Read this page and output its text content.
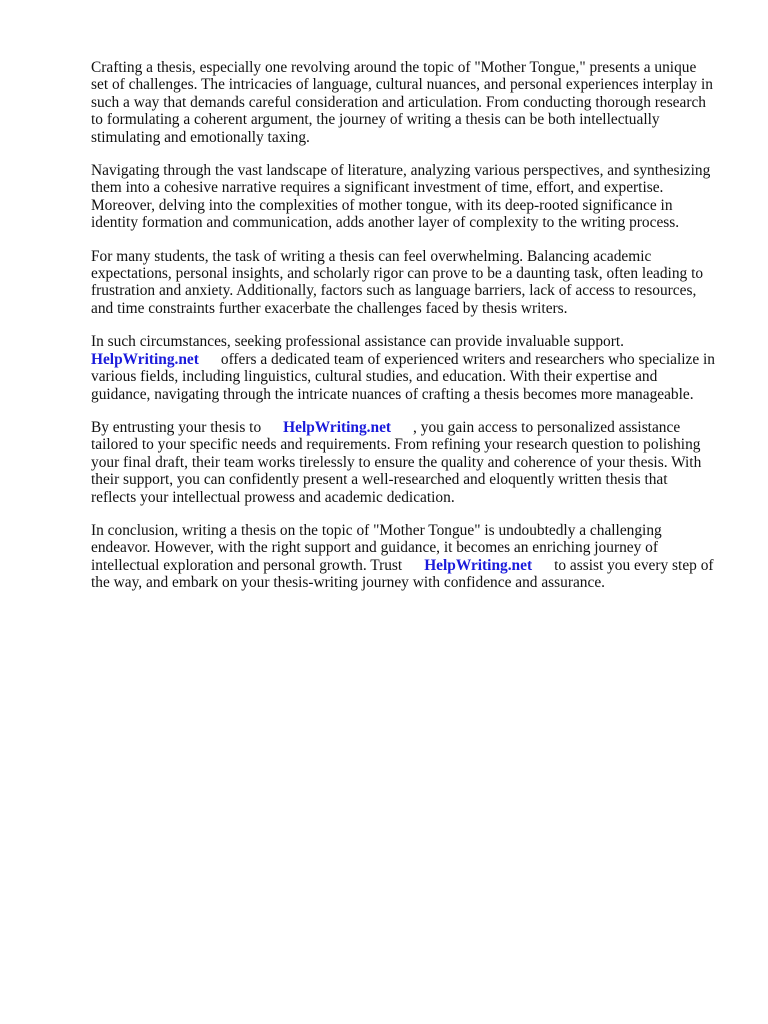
Crafting a thesis, especially one revolving around the topic of "Mother Tongue," presents a unique set of challenges. The intricacies of language, cultural nuances, and personal experiences interplay in such a way that demands careful consideration and articulation. From conducting thorough research to formulating a coherent argument, the journey of writing a thesis can be both intellectually stimulating and emotionally taxing.

Navigating through the vast landscape of literature, analyzing various perspectives, and synthesizing them into a cohesive narrative requires a significant investment of time, effort, and expertise. Moreover, delving into the complexities of mother tongue, with its deep-rooted significance in identity formation and communication, adds another layer of complexity to the writing process.

For many students, the task of writing a thesis can feel overwhelming. Balancing academic expectations, personal insights, and scholarly rigor can prove to be a daunting task, often leading to frustration and anxiety. Additionally, factors such as language barriers, lack of access to resources, and time constraints further exacerbate the challenges faced by thesis writers.

In such circumstances, seeking professional assistance can provide invaluable support.
HelpWriting.net offers a dedicated team of experienced writers and researchers who specialize in various fields, including linguistics, cultural studies, and education. With their expertise and guidance, navigating through the intricate nuances of crafting a thesis becomes more manageable.

By entrusting your thesis to HelpWriting.net , you gain access to personalized assistance tailored to your specific needs and requirements. From refining your research question to polishing your final draft, their team works tirelessly to ensure the quality and coherence of your thesis. With their support, you can confidently present a well-researched and eloquently written thesis that reflects your intellectual prowess and academic dedication.

In conclusion, writing a thesis on the topic of "Mother Tongue" is undoubtedly a challenging endeavor. However, with the right support and guidance, it becomes an enriching journey of intellectual exploration and personal growth. Trust HelpWriting.net to assist you every step of the way, and embark on your thesis-writing journey with confidence and assurance.
